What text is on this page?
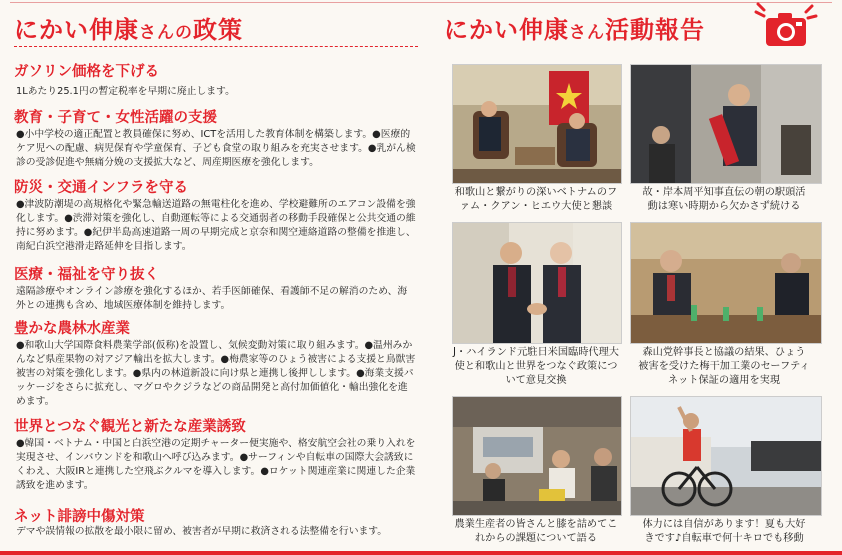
にかい伸康さんの政策
ガソリン価格を下げる
1Lあたり25.1円の暫定税率を早期に廃止します。
教育・子育て・女性活躍の支援
●小中学校の適正配置と教員確保に努め、ICTを活用した教育体制を構築します。●医療的ケア児への配慮、病児保育や学童保育、子ども食堂の取り組みを充実させます。●乳がん検診の受診促進や無痛分娩の支援拡大など、周産期医療を強化します。
防災・交通インフラを守る
●津波防潮堤の高規格化や緊急輸送道路の無電柱化を進め、学校避難所のエアコン設備を強化します。●渋滞対策を強化し、自動運転等による交通弱者の移動手段確保と公共交通の維持に努めます。●紀伊半島高速道路一周の早期完成と京奈和関空連絡道路の整備を推進し、南紀白浜空港滑走路延伸を目指します。
医療・福祉を守り抜く
遠隔診療やオンライン診療を強化するほか、若手医師確保、看護師不足の解消のため、海外との連携も含め、地域医療体制を維持します。
豊かな農林水産業
●和歌山大学国際食料農業学部(仮称)を設置し、気候変動対策に取り組みます。●温州みかんなど県産果物の対アジア輸出を拡大します。●梅農家等のひょう被害による支援と鳥獣害被害の対策を強化します。●県内の林道新設に向け県と連携し後押しします。●海業支援パッケージをさらに拡充し、マグロやクジラなどの商品開発と高付加価値化・輸出強化を進めます。
世界とつなぐ観光と新たな産業誘致
●韓国・ベトナム・中国と白浜空港の定期チャーター便実施や、格安航空会社の乗り入れを実現させ、インバウンドを和歌山へ呼び込みます。●サーフィンや自転車の国際大会誘致にくわえ、大阪IRと連携した空飛ぶクルマを導入します。●ロケット関連産業に関連した企業誘致を進めます。
ネット誹謗中傷対策
デマや誤情報の拡散を最小限に留め、被害者が早期に救済される法整備を行います。
にかい伸康さん活動報告
和歌山と繋がりの深いベトナムのファム・クアン・ヒエウ大使と懇談
故・岸本周平知事直伝の朝の駅頭活動は寒い時期から欠かさず続ける
J・ハイランド元駐日米国臨時代理大使と和歌山と世界をつなぐ政策について意見交換
森山党幹事長と協議の結果、ひょう被害を受けた梅干加工業のセーフティネット保証の適用を実現
農業生産者の皆さんと膝を詰めてこれからの課題について語る
体力には自信があります！夏も大好きです♪自転車で何十キロでも移動
